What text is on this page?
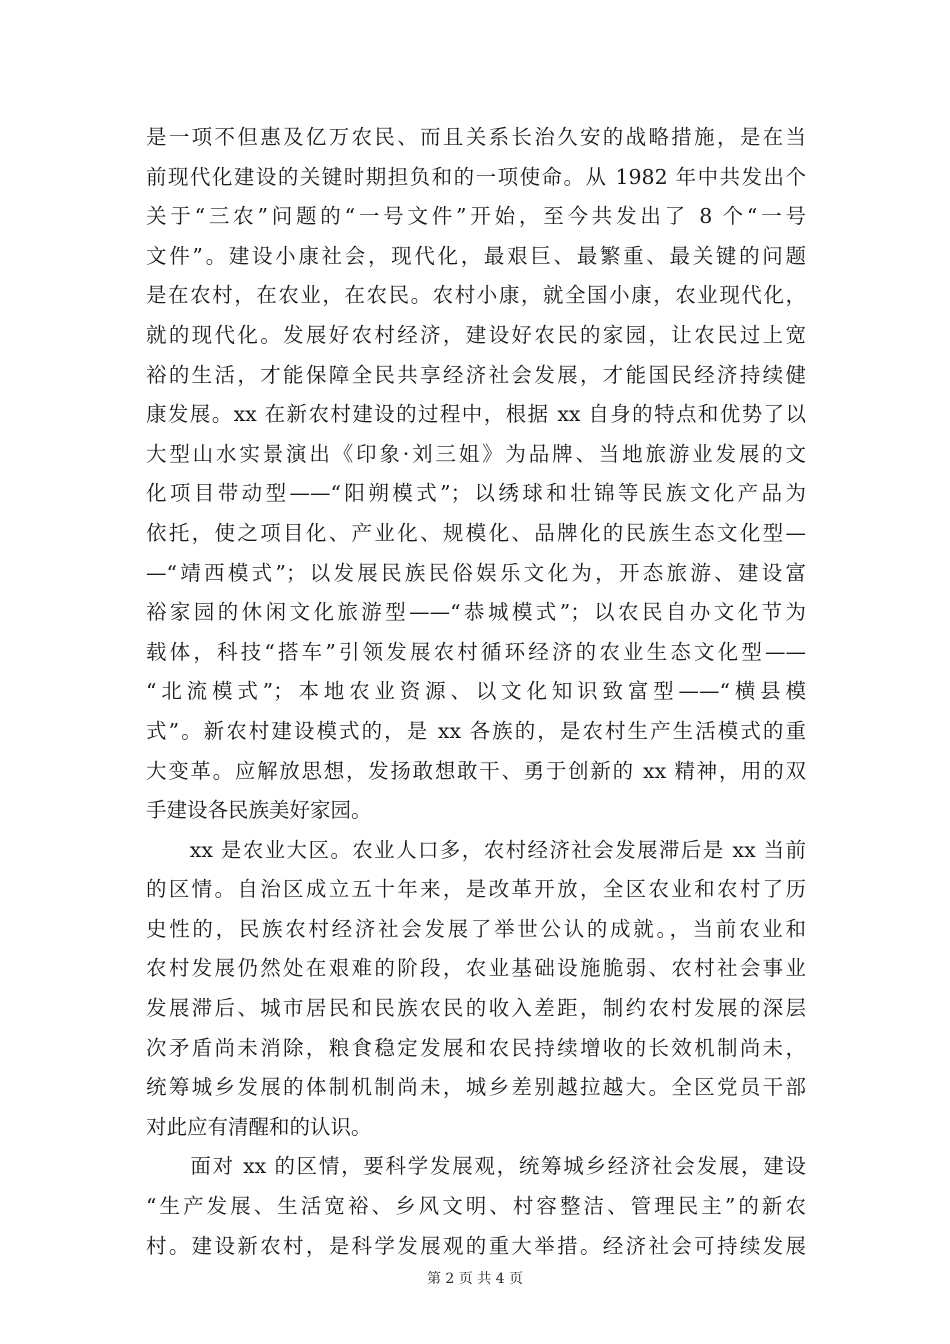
是一项不但惠及亿万农民、而且关系长治久安的战略措施，是在当
前现代化建设的关键时期担负和的一项使命。从 1982 年中共发出个
关于“三农”问题的“一号文件”开始，至今共发出了 8 个“一号
文件”。建设小康社会，现代化，最艰巨、最繁重、最关键的问题
是在农村，在农业，在农民。农村小康，就全国小康，农业现代化，
就的现代化。发展好农村经济，建设好农民的家园，让农民过上宽
裕的生活，才能保障全民共享经济社会发展，才能国民经济持续健
康发展。xx 在新农村建设的过程中，根据 xx 自身的特点和优势了以
大型山水实景演出《印象·刘三姐》为品牌、当地旅游业发展的文
化项目带动型——“阳朔模式”；以绣球和壮锦等民族文化产品为
依托，使之项目化、产业化、规模化、品牌化的民族生态文化型—
—“靖西模式”；以发展民族民俗娱乐文化为，开态旅游、建设富
裕家园的休闲文化旅游型——“恭城模式”；以农民自办文化节为
载体，科技“搭车”引领发展农村循环经济的农业生态文化型——
“北流模式”；本地农业资源、以文化知识致富型——“横县模
式”。新农村建设模式的，是 xx 各族的，是农村生产生活模式的重
大变革。应解放思想，发扬敢想敢干、勇于创新的 xx 精神，用的双
手建设各民族美好家园。
　　xx 是农业大区。农业人口多，农村经济社会发展滞后是 xx 当前
的区情。自治区成立五十年来，是改革开放，全区农业和农村了历
史性的，民族农村经济社会发展了举世公认的成就。，当前农业和
农村发展仍然处在艰难的阶段，农业基础设施脆弱、农村社会事业
发展滞后、城市居民和民族农民的收入差距，制约农村发展的深层
次矛盾尚未消除，粮食稳定发展和农民持续增收的长效机制尚未，
统筹城乡发展的体制机制尚未，城乡差别越拉越大。全区党员干部
对此应有清醒和的认识。
　　面对 xx 的区情，要科学发展观，统筹城乡经济社会发展，建设
“生产发展、生活宽裕、乡风文明、村容整洁、管理民主”的新农
村。建设新农村，是科学发展观的重大举措。经济社会可持续发展
第 2 页 共 4 页
